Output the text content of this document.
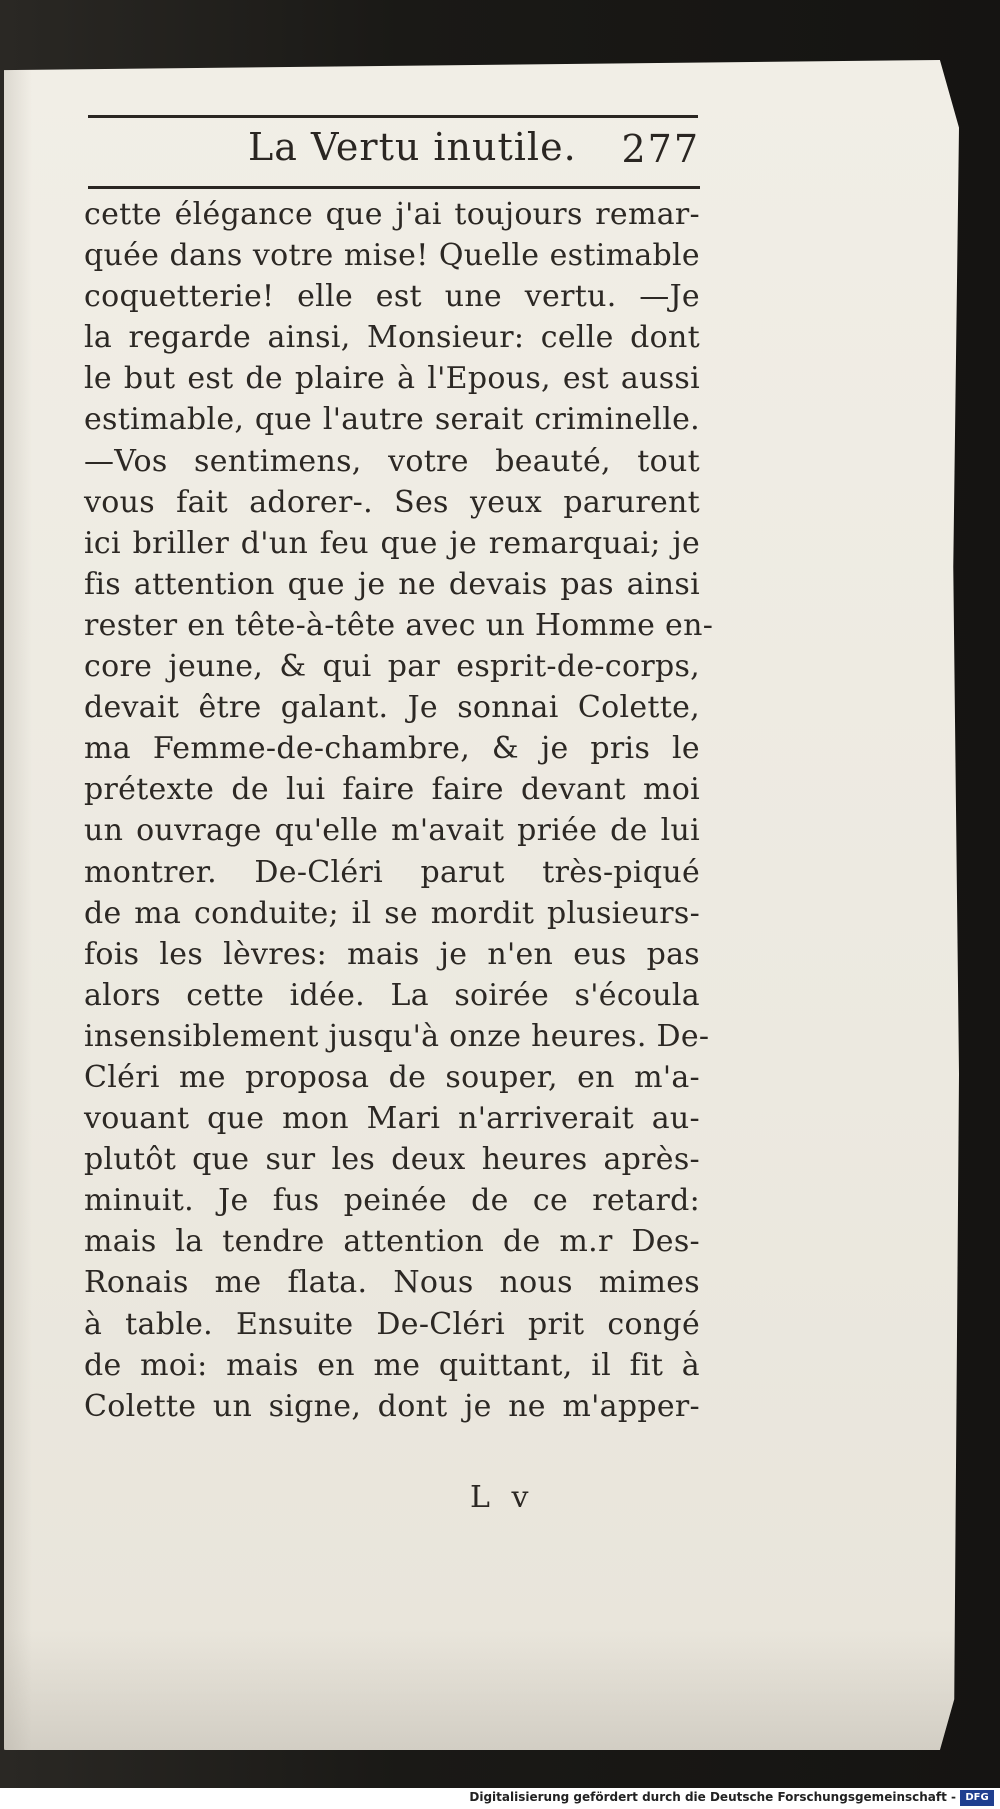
La Vertu inutile. 277
cette élégance que j'ai toujours remar-
quée dans votre mise! Quelle estimable
coquetterie! elle est une vertu. —Je
la regarde ainsi, Monsieur: celle dont
le but est de plaire à l'Epous, est aussi
estimable, que l'autre serait criminelle.
—Vos sentimens, votre beauté, tout
vous fait adorer-. Ses yeux parurent
ici briller d'un feu que je remarquai; je
fis attention que je ne devais pas ainsi
rester en tête-à-tête avec un Homme en-
core jeune, & qui par esprit-de-corps,
devait être galant. Je sonnai Colette,
ma Femme-de-chambre, & je pris le
prétexte de lui faire faire devant moi
un ouvrage qu'elle m'avait priée de lui
montrer. De-Cléri parut très-piqué
de ma conduite; il se mordit plusieurs-
fois les lèvres: mais je n'en eus pas
alors cette idée. La soirée s'écoula
insensiblement jusqu'à onze heures. De-
Cléri me proposa de souper, en m'a-
vouant que mon Mari n'arriverait au-
plutôt que sur les deux heures après-
minuit. Je fus peinée de ce retard:
mais la tendre attention de m.r Des-
Ronais me flata. Nous nous mimes
à table. Ensuite De-Cléri prit congé
de moi: mais en me quittant, il fit à
Colette un signe, dont je ne m'apper-
L v
Digitalisierung gefördert durch die Deutsche Forschungsgemeinschaft - DFG
